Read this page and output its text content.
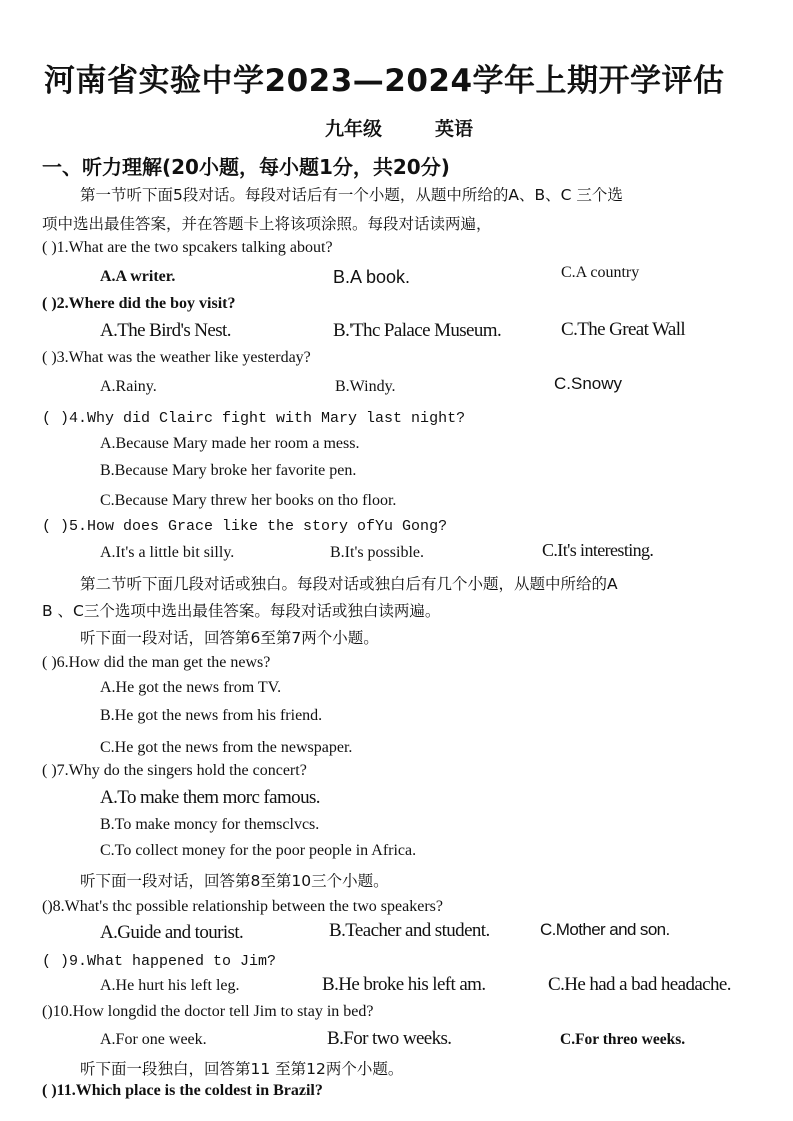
河南省实验中学2023—2024学年上期开学评估
九年级	英语
一、听力理解(20小题，每小题1分，共20分)
第一节听下面5段对话。每段对话后有一个小题，从题中所给的A、B、C 三个选
项中选出最佳答案，并在答题卡上将该项涂照。每段对话读两遍，
( )1.What are the two spcakers talking about?
A.A writer.	B.A book.	C.A country
( )2.Where did the boy visit?
A.The Bird's Nest.	B.'Thc Palace Museum.	C.The Great Wall
( )3.What was the weather like yesterday?
A.Rainy.	B.Windy.	C.Snowy
( )4.Why did Clairc fight with Mary last night?
A.Because Mary made her room a mess.
B.Because Mary broke her favorite pen.
C.Because Mary threw her books on tho floor.
( )5.How does Grace like the story ofYu Gong?
A.It's a little bit silly.	B.It's possible.	C.It's interesting.
第二节听下面几段对话或独白。每段对话或独白后有几个小题，从题中所给的A
B 、C三个选项中选出最佳答案。每段对话或独白读两遍。
听下面一段对话，回答第6至第7两个小题。
( )6.How did the man get the news?
A.He got the news from TV.
B.He got the news from his friend.
C.He got the news from the newspaper.
( )7.Why do the singers hold the concert?
A.To make them morc famous.
B.To make moncy for themsclvcs.
C.To collect money for the poor people in Africa.
听下面一段对话，回答第8至第10三个小题。
()8.What's thc possible relationship between the two speakers?
A.Guide and tourist.	B.Teacher and student.	C.Mother and son.
( )9.What happened to Jim?
A.He hurt his left leg.	B.He broke his left am.	C.He had a bad headache.
()10.How longdid the doctor tell Jim to stay in bed?
A.For one week.	B.For two weeks.	C.For threo weeks.
听下面一段独白，回答第11 至第12两个小题。
( )11.Which place is the coldest in Brazil?
